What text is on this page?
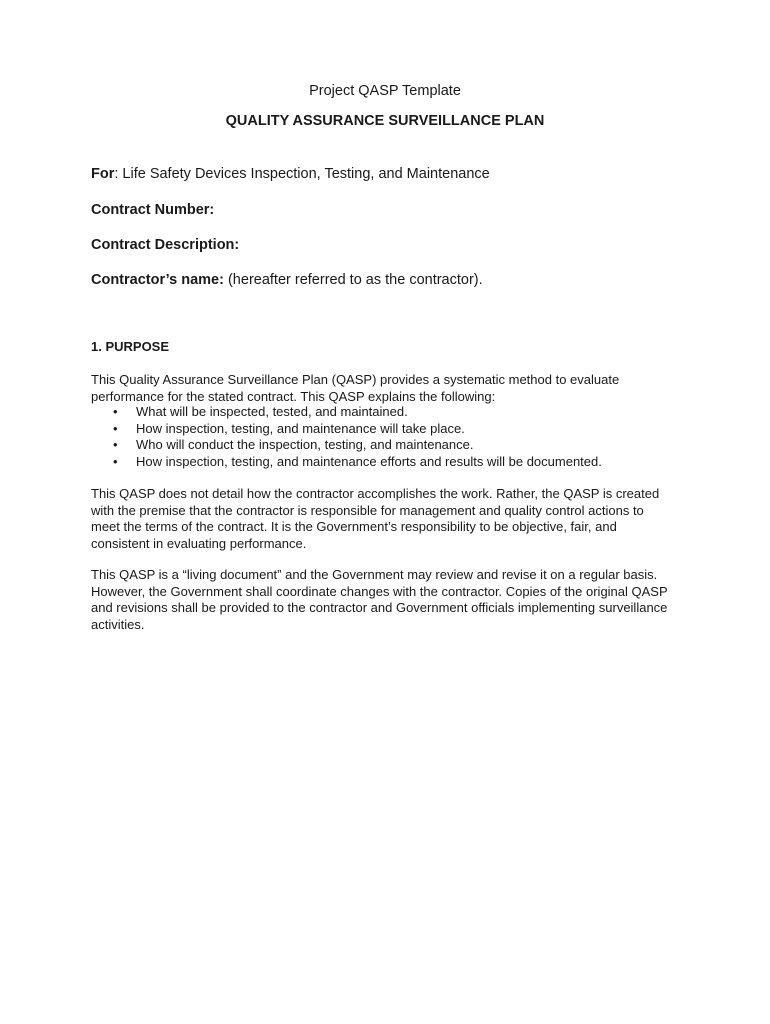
Project QASP Template
QUALITY ASSURANCE SURVEILLANCE PLAN
For: Life Safety Devices Inspection, Testing, and Maintenance
Contract Number:
Contract Description:
Contractor’s name: (hereafter referred to as the contractor).
1. PURPOSE

This Quality Assurance Surveillance Plan (QASP) provides a systematic method to evaluate performance for the stated contract. This QASP explains the following:

• What will be inspected, tested, and maintained.
• How inspection, testing, and maintenance will take place.
• Who will conduct the inspection, testing, and maintenance.
• How inspection, testing, and maintenance efforts and results will be documented.

This QASP does not detail how the contractor accomplishes the work. Rather, the QASP is created with the premise that the contractor is responsible for management and quality control actions to meet the terms of the contract. It is the Government’s responsibility to be objective, fair, and consistent in evaluating performance.

This QASP is a “living document” and the Government may review and revise it on a regular basis. However, the Government shall coordinate changes with the contractor. Copies of the original QASP and revisions shall be provided to the contractor and Government officials implementing surveillance activities.
